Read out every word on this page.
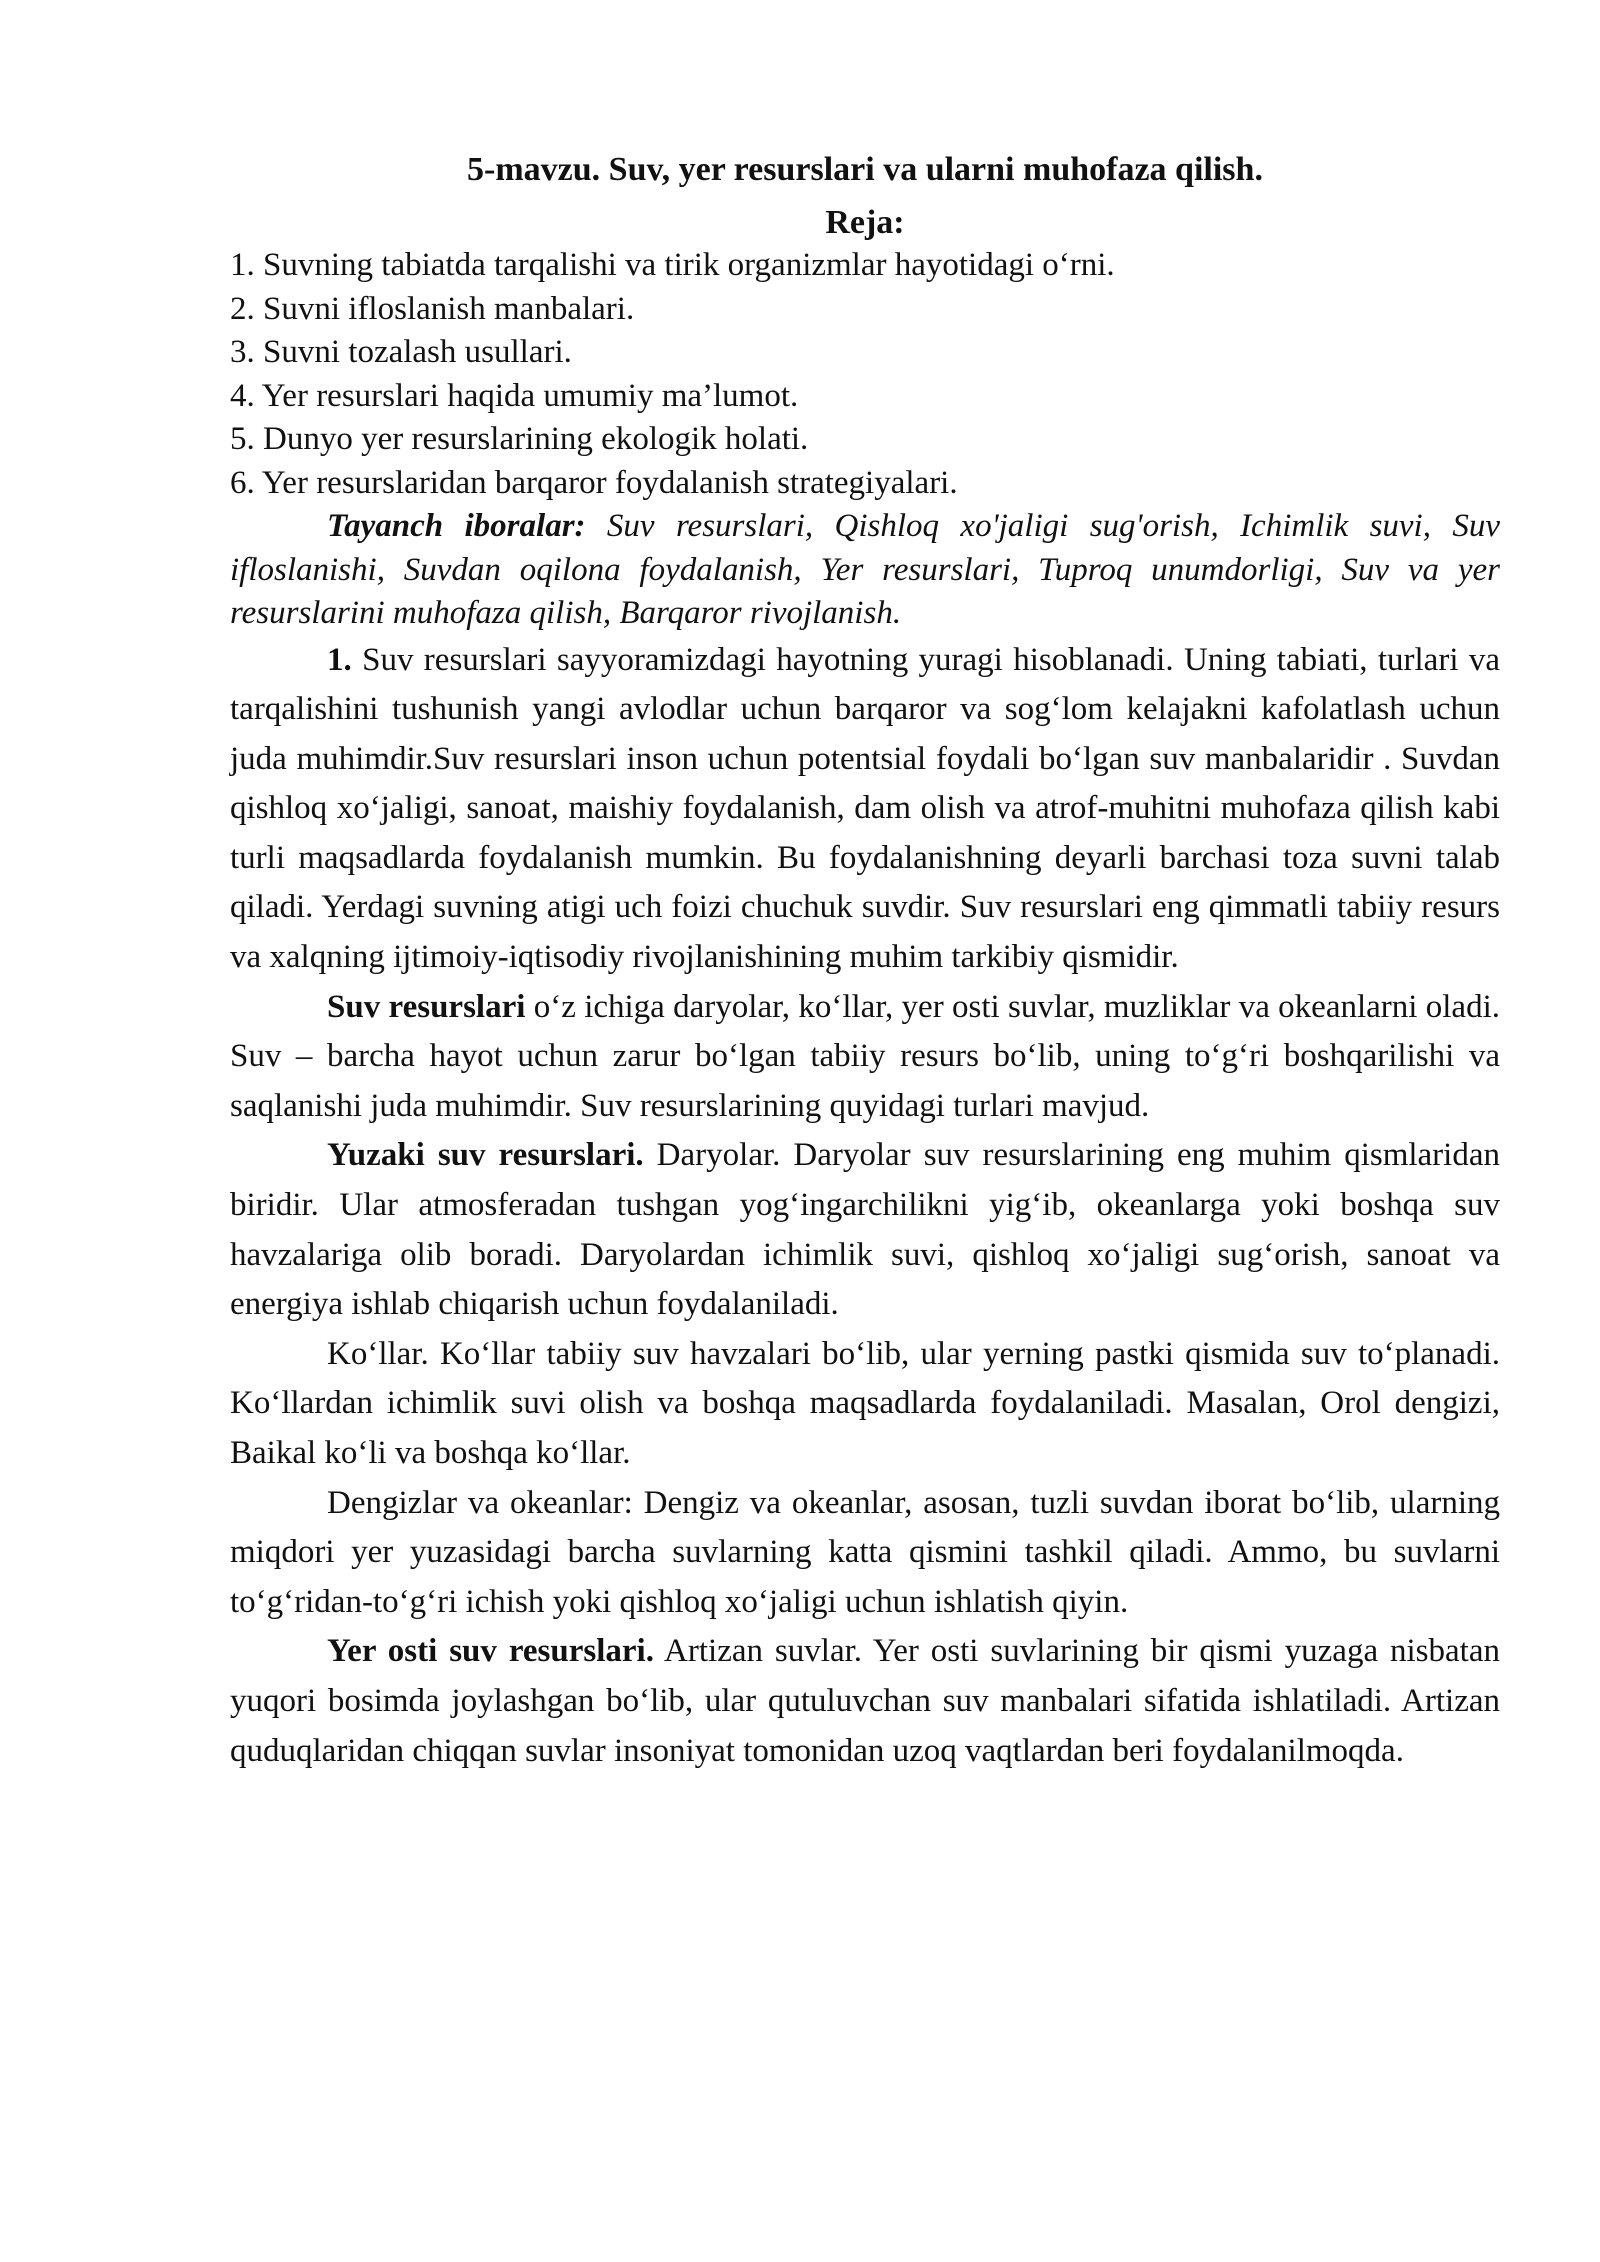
5-mavzu. Suv, yer resurslari va ularni muhofaza qilish.
Reja:
1. Suvning tabiatda tarqalishi va tirik organizmlar hayotidagi o‘rni.
2. Suvni ifloslanish manbalari.
3. Suvni tozalash usullari.
4. Yer resurslari haqida umumiy ma’lumot.
5. Dunyo yer resurslarining ekologik holati.
6. Yer resurslaridan barqaror foydalanish strategiyalari.

Tayanch iboralar: Suv resurslari, Qishloq xo'jaligi sug'orish, Ichimlik suvi, Suv ifloslanishi, Suvdan oqilona foydalanish, Yer resurslari, Tuproq unumdorligi, Suv va yer resurslarini muhofaza qilish, Barqaror rivojlanish.

1. Suv resurslari sayyoramizdagi hayotning yuragi hisoblanadi. Uning tabiati, turlari va tarqalishini tushunish yangi avlodlar uchun barqaror va sog‘lom kelajakni kafolatlash uchun juda muhimdir.Suv resurslari inson uchun potentsial foydali bo‘lgan suv manbalaridir . Suvdan qishloq xo‘jaligi, sanoat, maishiy foydalanish, dam olish va atrof-muhitni muhofaza qilish kabi turli maqsadlarda foydalanish mumkin. Bu foydalanishning deyarli barchasi toza suvni talab qiladi. Yerdagi suvning atigi uch foizi chuchuk suvdir. Suv resurslari eng qimmatli tabiiy resurs va xalqning ijtimoiy-iqtisodiy rivojlanishining muhim tarkibiy qismidir.

Suv resurslari o‘z ichiga daryolar, ko‘llar, yer osti suvlar, muzliklar va okeanlarni oladi. Suv – barcha hayot uchun zarur bo‘lgan tabiiy resurs bo‘lib, uning to‘g‘ri boshqarilishi va saqlanishi juda muhimdir. Suv resurslarining quyidagi turlari mavjud.

Yuzaki suv resurslari. Daryolar. Daryolar suv resurslarining eng muhim qismlaridan biridir. Ular atmosferadan tushgan yog‘ingarchilikni yig‘ib, okeanlarga yoki boshqa suv havzalariga olib boradi. Daryolardan ichimlik suvi, qishloq xo‘jaligi sug‘orish, sanoat va energiya ishlab chiqarish uchun foydalaniladi.

Ko‘llar. Ko‘llar tabiiy suv havzalari bo‘lib, ular yerning pastki qismida suv to‘planadi. Ko‘llardan ichimlik suvi olish va boshqa maqsadlarda foydalaniladi. Masalan, Orol dengizi, Baikal ko‘li va boshqa ko‘llar.

Dengizlar va okeanlar: Dengiz va okeanlar, asosan, tuzli suvdan iborat bo‘lib, ularning miqdori yer yuzasidagi barcha suvlarning katta qismini tashkil qiladi. Ammo, bu suvlarni to‘g‘ridan-to‘g‘ri ichish yoki qishloq xo‘jaligi uchun ishlatish qiyin.

Yer osti suv resurslari. Artizan suvlar. Yer osti suvlarining bir qismi yuzaga nisbatan yuqori bosimda joylashgan bo‘lib, ular qutuluvchan suv manbalari sifatida ishlatiladi. Artizan quduqlaridan chiqqan suvlar insoniyat tomonidan uzoq vaqtlardan beri foydalanilmoqda.
